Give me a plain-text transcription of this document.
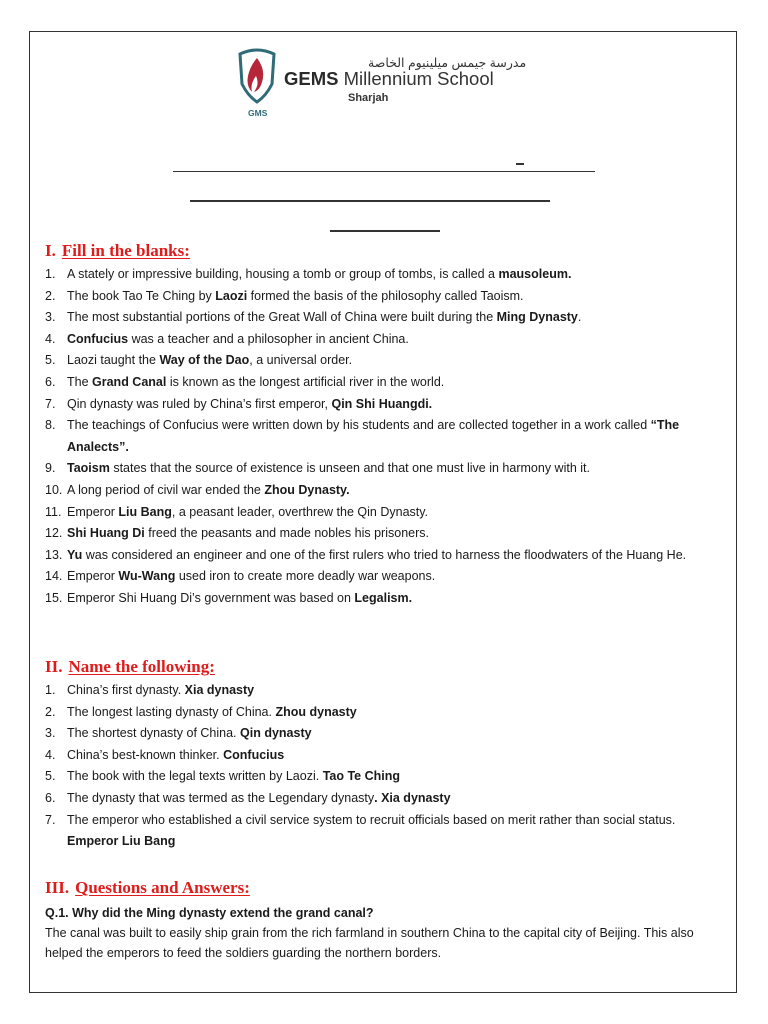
GMS
مدرسة جيمس ميلينيوم الخاصة
GEMS Millennium School
Sharjah
I. Fill in the blanks:
1. A stately or impressive building, housing a tomb or group of tombs, is called a mausoleum.
2. The book Tao Te Ching by Laozi formed the basis of the philosophy called Taoism.
3. The most substantial portions of the Great Wall of China were built during the Ming Dynasty.
4. Confucius was a teacher and a philosopher in ancient China.
5. Laozi taught the Way of the Dao, a universal order.
6. The Grand Canal is known as the longest artificial river in the world.
7. Qin dynasty was ruled by China’s first emperor, Qin Shi Huangdi.
8. The teachings of Confucius were written down by his students and are collected together in a work called “The Analects”.
9. Taoism states that the source of existence is unseen and that one must live in harmony with it.
10. A long period of civil war ended the Zhou Dynasty.
11. Emperor Liu Bang, a peasant leader, overthrew the Qin Dynasty.
12. Shi Huang Di freed the peasants and made nobles his prisoners.
13. Yu was considered an engineer and one of the first rulers who tried to harness the floodwaters of the Huang He.
14. Emperor Wu-Wang used iron to create more deadly war weapons.
15. Emperor Shi Huang Di’s government was based on Legalism.
II. Name the following:
1. China’s first dynasty. Xia dynasty
2. The longest lasting dynasty of China. Zhou dynasty
3. The shortest dynasty of China. Qin dynasty
4. China’s best-known thinker. Confucius
5. The book with the legal texts written by Laozi. Tao Te Ching
6. The dynasty that was termed as the Legendary dynasty. Xia dynasty
7. The emperor who established a civil service system to recruit officials based on merit rather than social status. Emperor Liu Bang
III. Questions and Answers:
Q.1. Why did the Ming dynasty extend the grand canal?
The canal was built to easily ship grain from the rich farmland in southern China to the capital city of Beijing. This also helped the emperors to feed the soldiers guarding the northern borders.
